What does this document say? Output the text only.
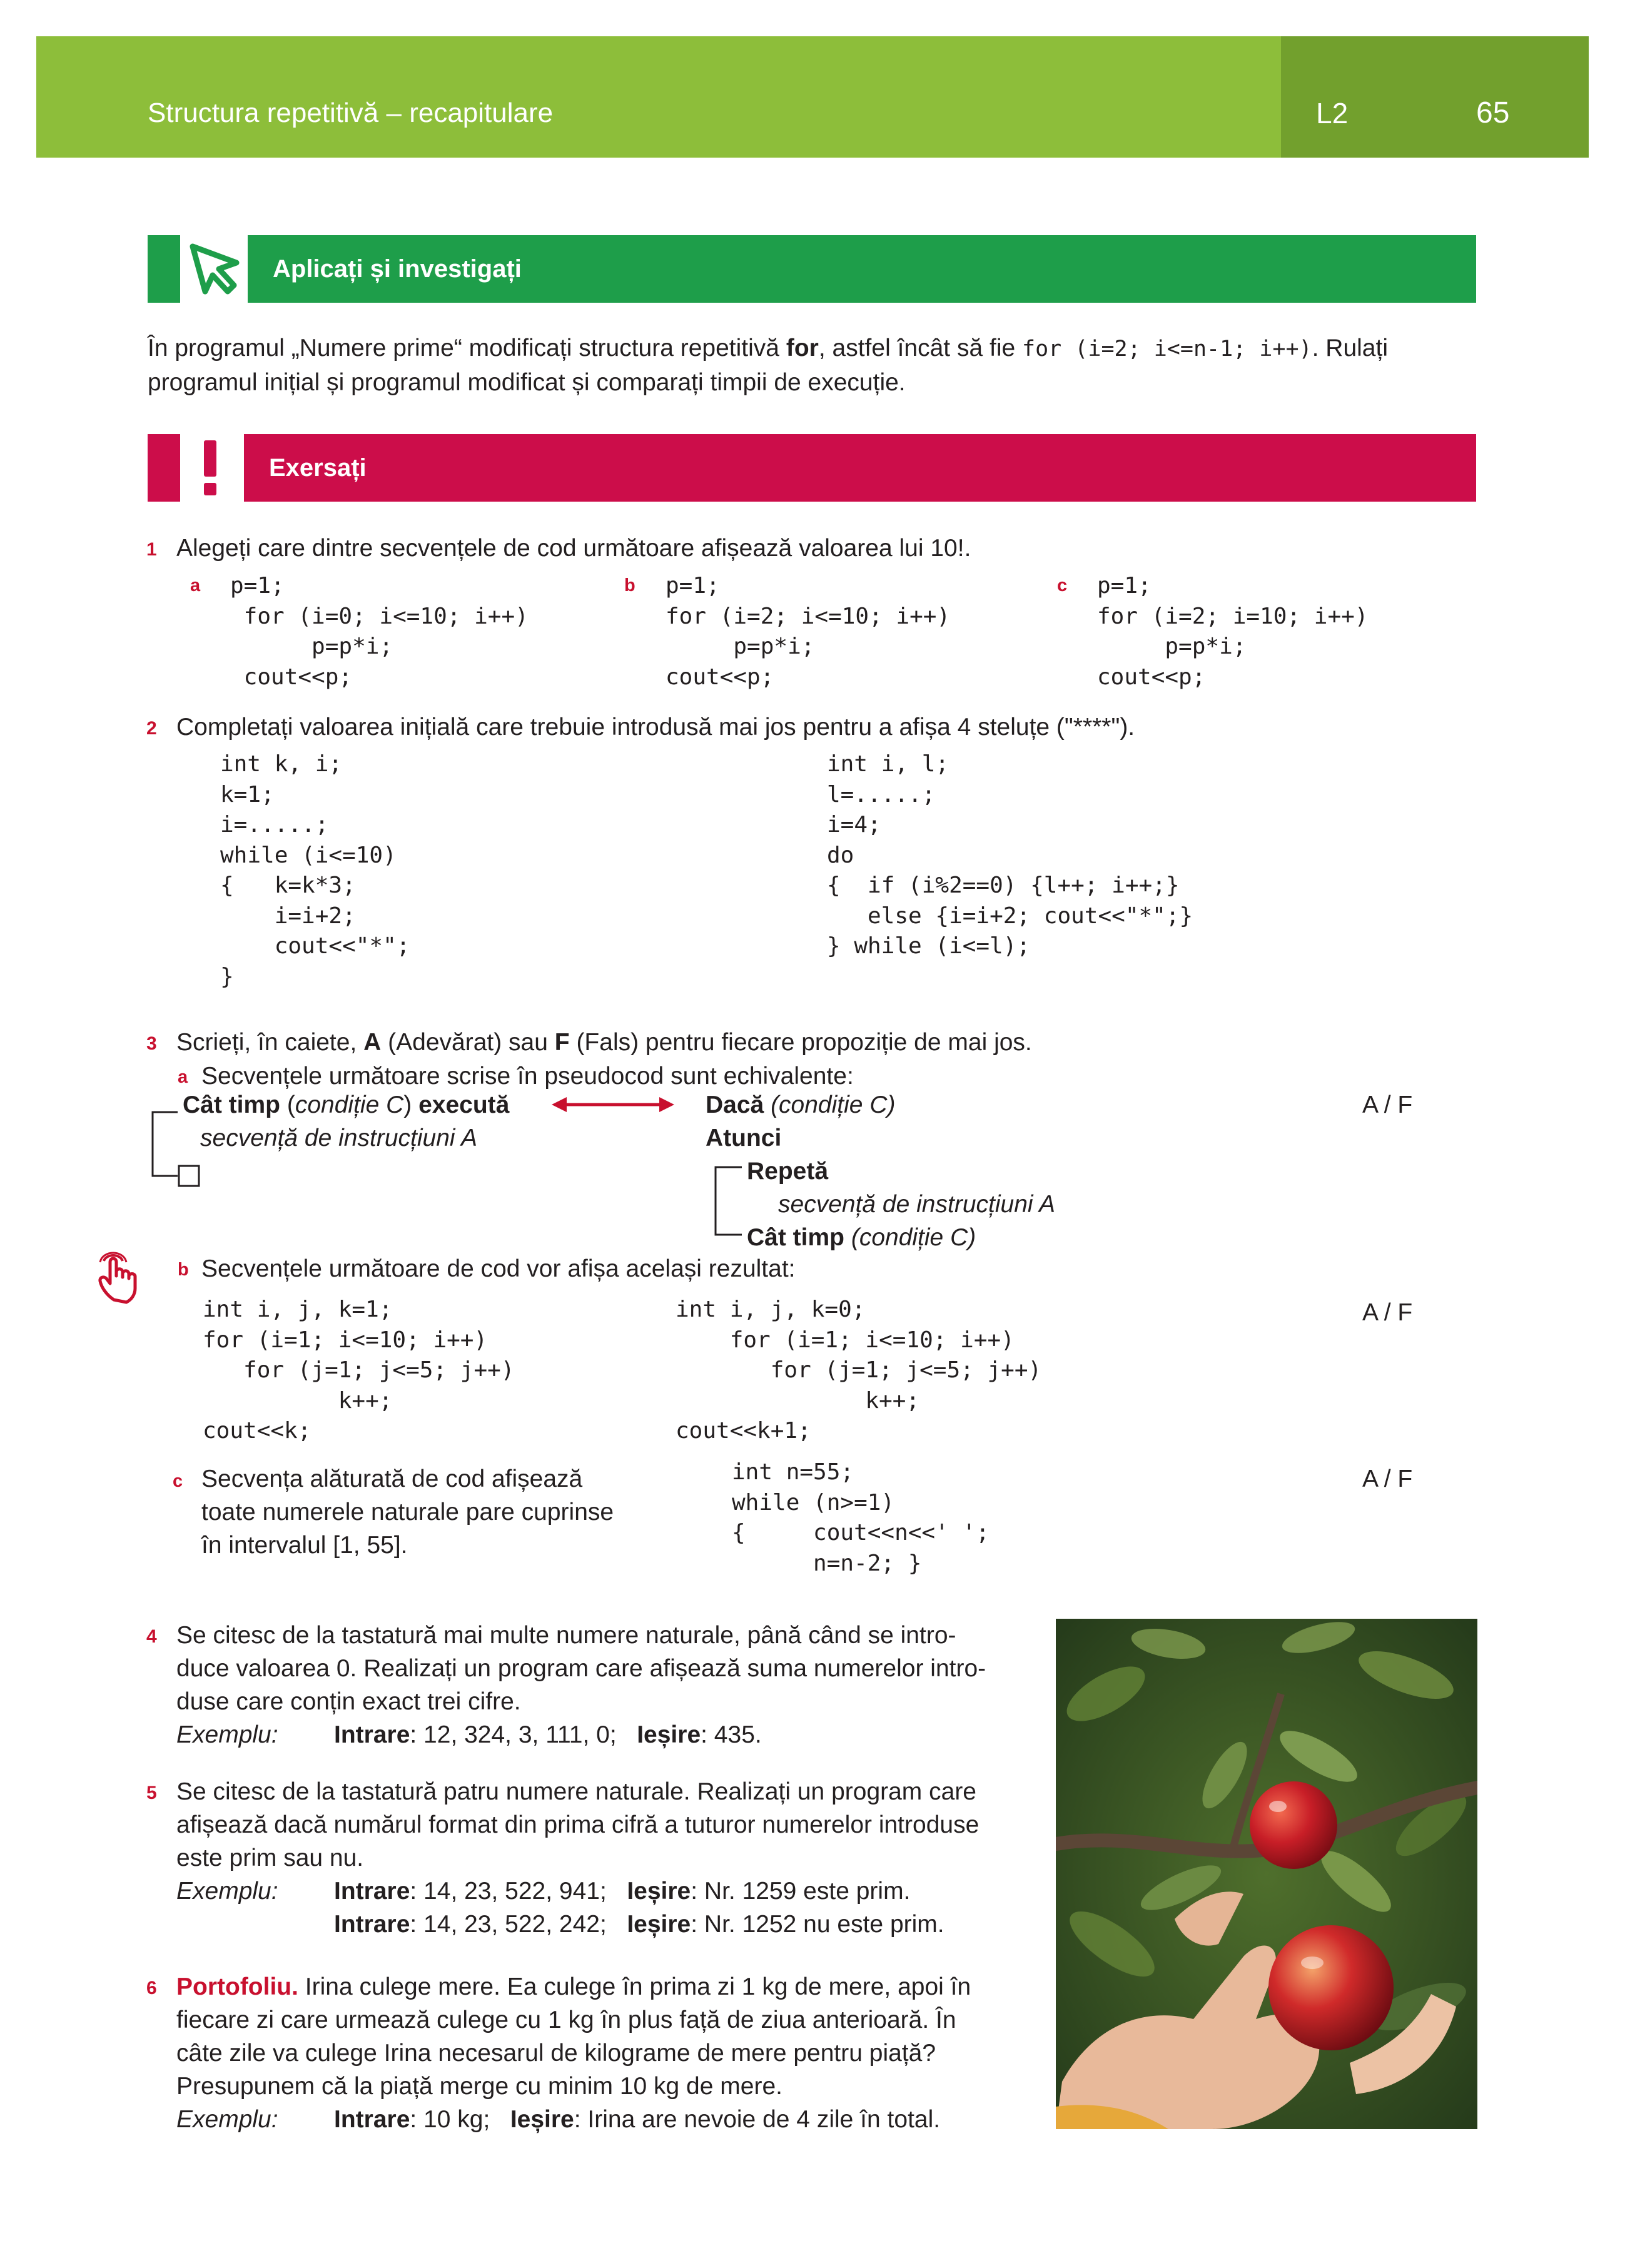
Structura repetitivă – recapitulare	L2	65
Aplicați și investigați
În programul „Numere prime“ modificați structura repetitivă for, astfel încât să fie for (i=2; i<=n-1; i++). Rulați
programul inițial și programul modificat și comparați timpii de execuție.
Exersați
1 Alegeți care dintre secvențele de cod următoare afișează valoarea lui 10!.
a p=1;
for (i=0; i<=10; i++)
p=p*i;
cout<<p;
b p=1;
for (i=2; i<=10; i++)
p=p*i;
cout<<p;
c p=1;
for (i=2; i=10; i++)
p=p*i;
cout<<p;
2 Completați valoarea inițială care trebuie introdusă mai jos pentru a afișa 4 steluțe ("****").
int k, i;
k=1;
i=.....;
while (i<=10)
{   k=k*3;
i=i+2;
cout<<"*";
}
int i, l;
l=.....;
i=4;
do
{  if (i%2==0) {l++; i++;}
else {i=i+2; cout<<"*";}
} while (i<=l);
3 Scrieți, în caiete, A (Adevărat) sau F (Fals) pentru fiecare propoziție de mai jos.
a Secvențele următoare scrise în pseudocod sunt echivalente:
Cât timp (condiție C) execută
secvență de instrucțiuni A
Dacă (condiție C)
Atunci
Repetă
secvență de instrucțiuni A
Cât timp (condiție C)
A / F
b Secvențele următoare de cod vor afișa același rezultat:
int i, j, k=1;
for (i=1; i<=10; i++)
for (j=1; j<=5; j++)
k++;
cout<<k;
int i, j, k=0;
for (i=1; i<=10; i++)
for (j=1; j<=5; j++)
k++;
cout<<k+1;
A / F
c Secvența alăturată de cod afișează
toate numerele naturale pare cuprinse
în intervalul [1, 55].
int n=55;
while (n>=1)
{     cout<<n<<' ';
n=n-2; }
A / F
4 Se citesc de la tastatură mai multe numere naturale, până când se intro-
duce valoarea 0. Realizați un program care afișează suma numerelor intro-
duse care conțin exact trei cifre.
Exemplu: Intrare: 12, 324, 3, 111, 0; Ieșire: 435.
5 Se citesc de la tastatură patru numere naturale. Realizați un program care
afișează dacă numărul format din prima cifră a tuturor numerelor introduse
este prim sau nu.
Exemplu: Intrare: 14, 23, 522, 941; Ieșire: Nr. 1259 este prim.
Intrare: 14, 23, 522, 242; Ieșire: Nr. 1252 nu este prim.
6 Portofoliu. Irina culege mere. Ea culege în prima zi 1 kg de mere, apoi în
fiecare zi care urmează culege cu 1 kg în plus față de ziua anterioară. În
câte zile va culege Irina necesarul de kilograme de mere pentru piață?
Presupunem că la piață merge cu minim 10 kg de mere.
Exemplu: Intrare: 10 kg; Ieșire: Irina are nevoie de 4 zile în total.
